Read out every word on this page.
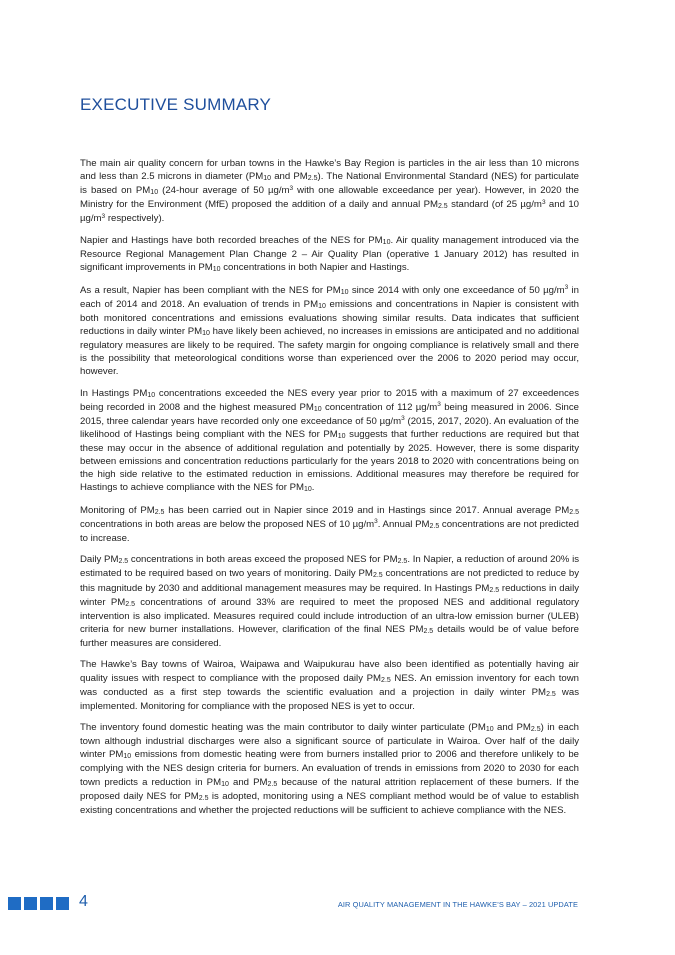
EXECUTIVE SUMMARY

The main air quality concern for urban towns in the Hawke’s Bay Region is particles in the air less than 10 microns and less than 2.5 microns in diameter ($PM_{10}$ and $PM_{2.5}$). The National Environmental Standard (NES) for particulate is based on $PM_{10}$ (24-hour average of 50 $\mu g/m^3$ with one allowable exceedance per year). However, in 2020 the Ministry for the Environment (MfE) proposed the addition of a daily and annual $PM_{2.5}$ standard (of 25 $\mu g/m^3$ and 10 $\mu g/m^3$ respectively).

Napier and Hastings have both recorded breaches of the NES for $PM_{10}$. Air quality management introduced via the Resource Regional Management Plan Change 2 – Air Quality Plan (operative 1 January 2012) has resulted in significant improvements in $PM_{10}$ concentrations in both Napier and Hastings.

As a result, Napier has been compliant with the NES for $PM_{10}$ since 2014 with only one exceedance of 50 $\mu g/m^3$ in each of 2014 and 2018. An evaluation of trends in $PM_{10}$ emissions and concentrations in Napier is consistent with both monitored concentrations and emissions evaluations showing similar results. Data indicates that sufficient reductions in daily winter $PM_{10}$ have likely been achieved, no increases in emissions are anticipated and no additional regulatory measures are likely to be required. The safety margin for ongoing compliance is relatively small and there is the possibility that meteorological conditions worse than experienced over the 2006 to 2020 period may occur, however.

In Hastings $PM_{10}$ concentrations exceeded the NES every year prior to 2015 with a maximum of 27 exceedences being recorded in 2008 and the highest measured $PM_{10}$ concentration of 112 $\mu g/m^3$ being measured in 2006. Since 2015, three calendar years have recorded only one exceedance of 50 $\mu g/m^3$ (2015, 2017, 2020). An evaluation of the likelihood of Hastings being compliant with the NES for $PM_{10}$ suggests that further reductions are required but that these may occur in the absence of additional regulation and potentially by 2025. However, there is some disparity between emissions and concentration reductions particularly for the years 2018 to 2020 with concentrations being on the high side relative to the estimated reduction in emissions. Additional measures may therefore be required for Hastings to achieve compliance with the NES for $PM_{10}$.

Monitoring of $PM_{2.5}$ has been carried out in Napier since 2019 and in Hastings since 2017. Annual average $PM_{2.5}$ concentrations in both areas are below the proposed NES of 10 $\mu g/m^3$. Annual $PM_{2.5}$ concentrations are not predicted to increase.

Daily $PM_{2.5}$ concentrations in both areas exceed the proposed NES for $PM_{2.5}$. In Napier, a reduction of around 20% is estimated to be required based on two years of monitoring. Daily $PM_{2.5}$ concentrations are not predicted to reduce by this magnitude by 2030 and additional management measures may be required. In Hastings $PM_{2.5}$ reductions in daily winter $PM_{2.5}$ concentrations of around 33% are required to meet the proposed NES and additional regulatory intervention is also implicated. Measures required could include introduction of an ultra-low emission burner (ULEB) criteria for new burner installations. However, clarification of the final NES $PM_{2.5}$ details would be of value before further measures are considered.

The Hawke’s Bay towns of Wairoa, Waipawa and Waipukurau have also been identified as potentially having air quality issues with respect to compliance with the proposed daily $PM_{2.5}$ NES. An emission inventory for each town was conducted as a first step towards the scientific evaluation and a projection in daily winter $PM_{2.5}$ was implemented. Monitoring for compliance with the proposed NES is yet to occur.

The inventory found domestic heating was the main contributor to daily winter particulate ($PM_{10}$ and $PM_{2.5}$) in each town although industrial discharges were also a significant source of particulate in Wairoa. Over half of the daily winter $PM_{10}$ emissions from domestic heating were from burners installed prior to 2006 and therefore unlikely to be complying with the NES design criteria for burners. An evaluation of trends in emissions from 2020 to 2030 for each town predicts a reduction in $PM_{10}$ and $PM_{2.5}$ because of the natural attrition replacement of these burners. If the proposed daily NES for $PM_{2.5}$ is adopted, monitoring using a NES compliant method would be of value to establish existing concentrations and whether the projected reductions will be sufficient to achieve compliance with the NES.

4	AIR QUALITY MANAGEMENT IN THE HAWKE’S BAY – 2021 UPDATE
